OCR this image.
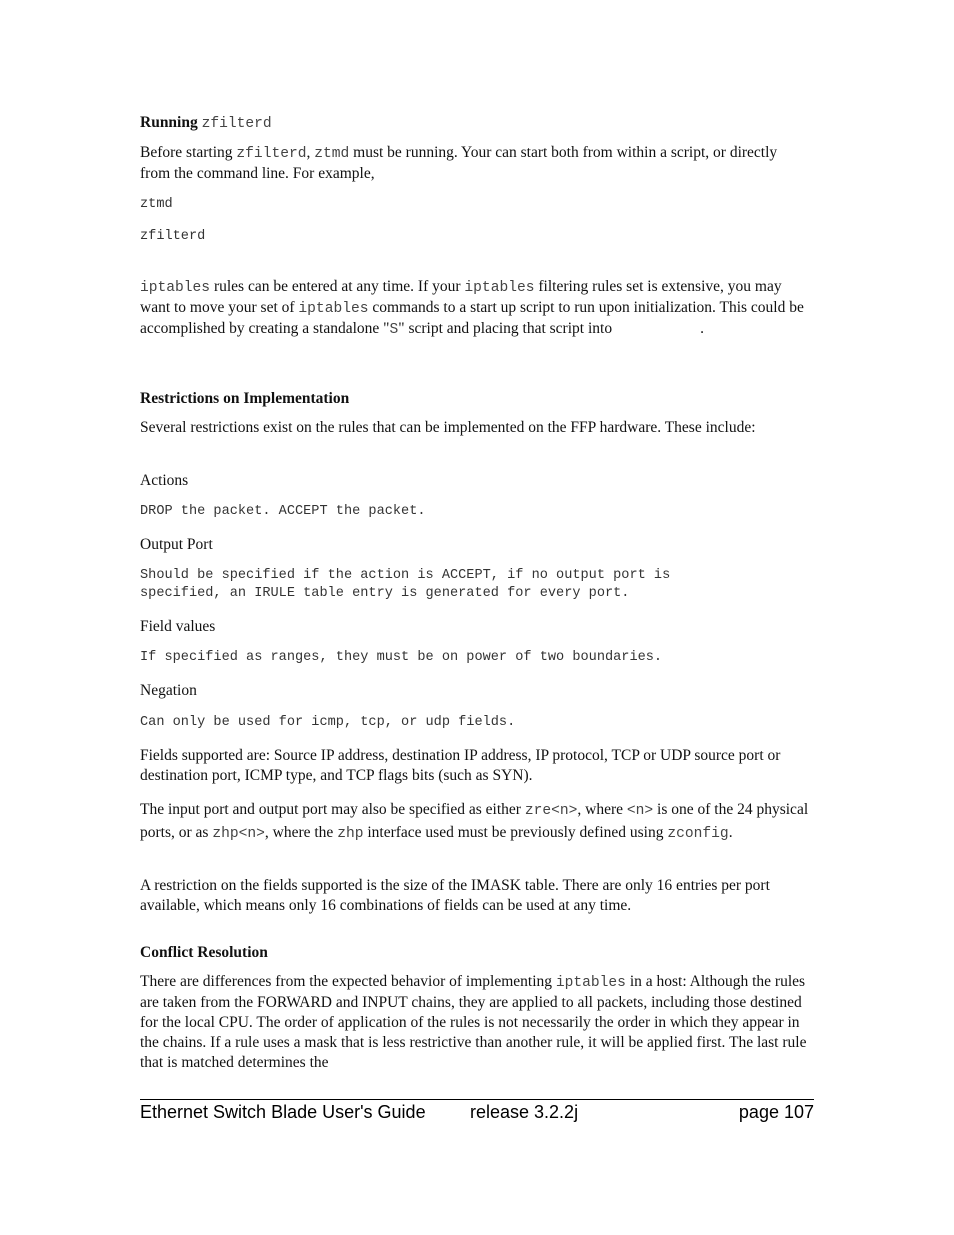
Running zfilterd

Before starting zfilterd, ztmd must be running. Your can start both from within a script, or directly from the command line. For example,

ztmd
zfilterd

iptables rules can be entered at any time. If your iptables filtering rules set is extensive, you may want to move your set of iptables commands to a start up script to run upon initialization. This could be accomplished by creating a standalone "S" script and placing that script into	.

Restrictions on Implementation

Several restrictions exist on the rules that can be implemented on the FFP hardware. These include:

Actions

DROP the packet. ACCEPT the packet.

Output Port

Should be specified if the action is ACCEPT, if no output port is
specified, an IRULE table entry is generated for every port.

Field values

If specified as ranges, they must be on power of two boundaries.

Negation

Can only be used for icmp, tcp, or udp fields.

Fields supported are: Source IP address, destination IP address, IP protocol, TCP or UDP source port or destination port, ICMP type, and TCP flags bits (such as SYN).

The input port and output port may also be specified as either zre<n>, where <n> is one of the 24 physical ports, or as zhp<n>, where the zhp interface used must be previously defined using zconfig.

A restriction on the fields supported is the size of the IMASK table. There are only 16 entries per port available, which means only 16 combinations of fields can be used at any time.

Conflict Resolution

There are differences from the expected behavior of implementing iptables in a host: Although the rules are taken from the FORWARD and INPUT chains, they are applied to all packets, including those destined for the local CPU. The order of application of the rules is not necessarily the order in which they appear in the chains. If a rule uses a mask that is less restrictive than another rule, it will be applied first. The last rule that is matched determines the

Ethernet Switch Blade User's Guide release 3.2.2j	page 107
